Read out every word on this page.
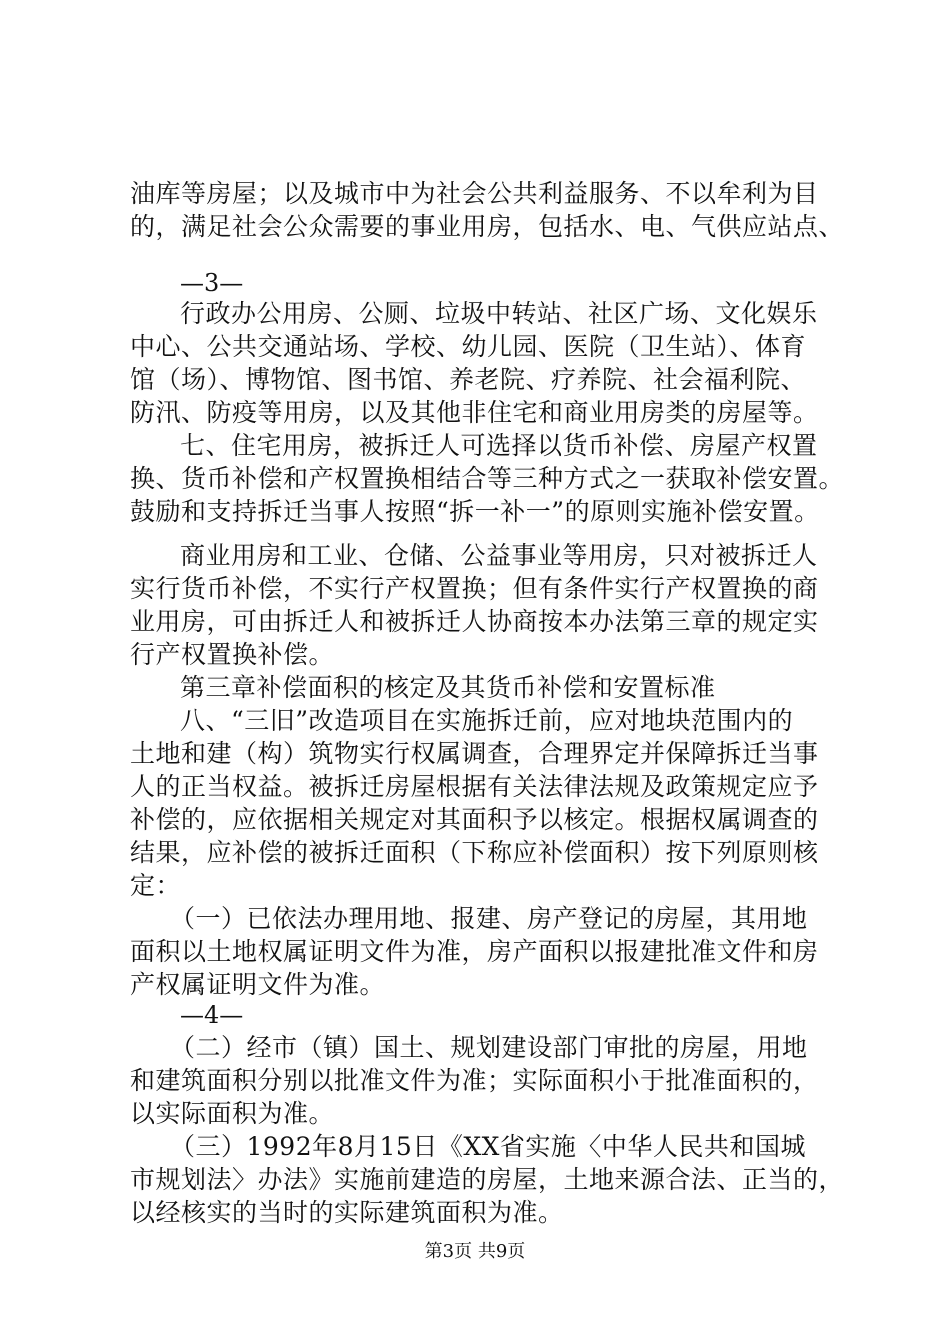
油库等房屋；以及城市中为社会公共利益服务、不以牟利为目
的，满足社会公众需要的事业用房，包括水、电、气供应站点、
—3—
行政办公用房、公厕、垃圾中转站、社区广场、文化娱乐
中心、公共交通站场、学校、幼儿园、医院（卫生站）、体育
馆（场）、博物馆、图书馆、养老院、疗养院、社会福利院、
防汛、防疫等用房，以及其他非住宅和商业用房类的房屋等。
七、住宅用房，被拆迁人可选择以货币补偿、房屋产权置
换、货币补偿和产权置换相结合等三种方式之一获取补偿安置。
鼓励和支持拆迁当事人按照“拆一补一”的原则实施补偿安置。
商业用房和工业、仓储、公益事业等用房，只对被拆迁人
实行货币补偿，不实行产权置换；但有条件实行产权置换的商
业用房，可由拆迁人和被拆迁人协商按本办法第三章的规定实
行产权置换补偿。
第三章补偿面积的核定及其货币补偿和安置标准
八、“三旧”改造项目在实施拆迁前，应对地块范围内的
土地和建（构）筑物实行权属调查，合理界定并保障拆迁当事
人的正当权益。被拆迁房屋根据有关法律法规及政策规定应予
补偿的，应依据相关规定对其面积予以核定。根据权属调查的
结果，应补偿的被拆迁面积（下称应补偿面积）按下列原则核
定：
（一）已依法办理用地、报建、房产登记的房屋，其用地
面积以土地权属证明文件为准，房产面积以报建批准文件和房
产权属证明文件为准。
—4—
（二）经市（镇）国土、规划建设部门审批的房屋，用地
和建筑面积分别以批准文件为准；实际面积小于批准面积的，
以实际面积为准。
（三）1992年8月15日《XX省实施〈中华人民共和国城
市规划法〉办法》实施前建造的房屋，土地来源合法、正当的，
以经核实的当时的实际建筑面积为准。
第3页 共9页
